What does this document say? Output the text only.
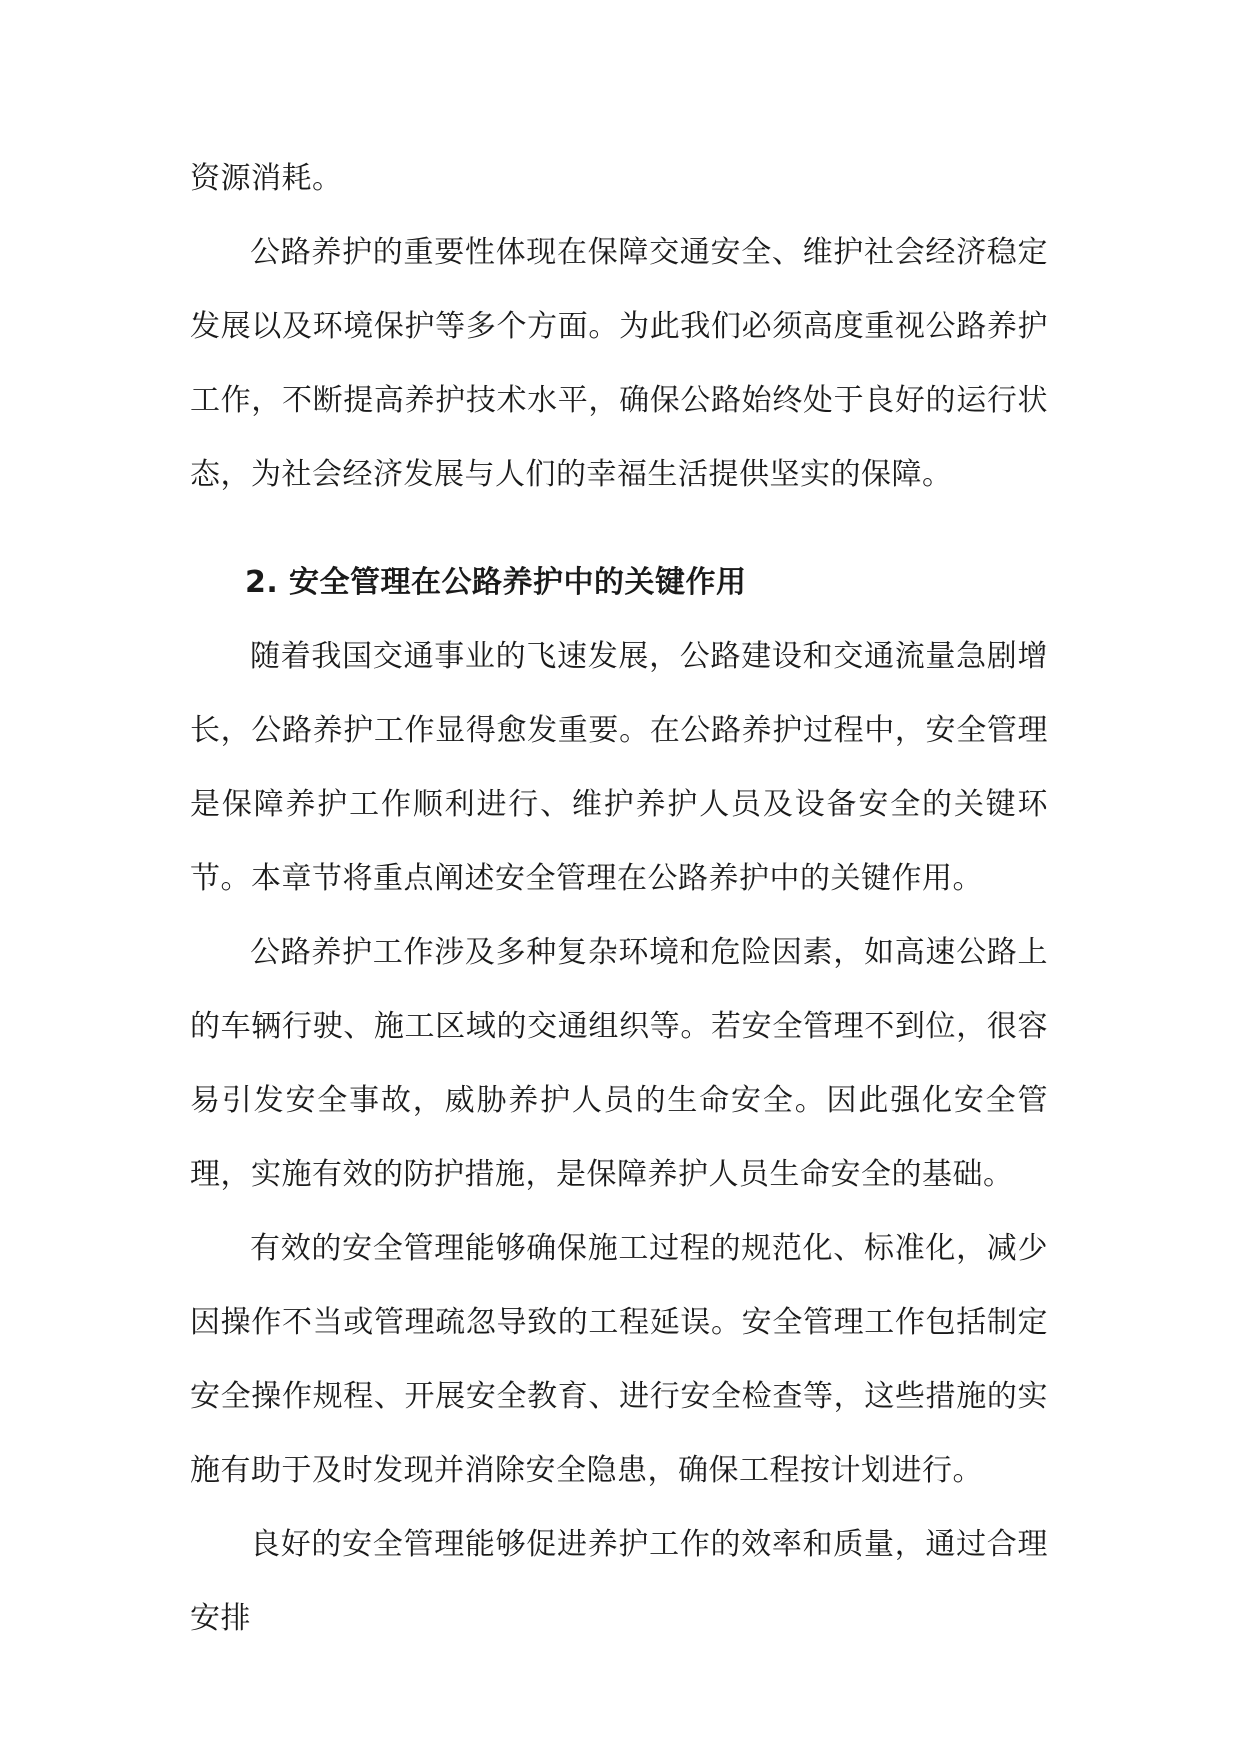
资源消耗。

公路养护的重要性体现在保障交通安全、维护社会经济稳定发展以及环境保护等多个方面。为此我们必须高度重视公路养护工作，不断提高养护技术水平，确保公路始终处于良好的运行状态，为社会经济发展与人们的幸福生活提供坚实的保障。

2. 安全管理在公路养护中的关键作用

随着我国交通事业的飞速发展，公路建设和交通流量急剧增长，公路养护工作显得愈发重要。在公路养护过程中，安全管理是保障养护工作顺利进行、维护养护人员及设备安全的关键环节。本章节将重点阐述安全管理在公路养护中的关键作用。

公路养护工作涉及多种复杂环境和危险因素，如高速公路上的车辆行驶、施工区域的交通组织等。若安全管理不到位，很容易引发安全事故，威胁养护人员的生命安全。因此强化安全管理，实施有效的防护措施，是保障养护人员生命安全的基础。

有效的安全管理能够确保施工过程的规范化、标准化，减少因操作不当或管理疏忽导致的工程延误。安全管理工作包括制定安全操作规程、开展安全教育、进行安全检查等，这些措施的实施有助于及时发现并消除安全隐患，确保工程按计划进行。

良好的安全管理能够促进养护工作的效率和质量，通过合理安排
